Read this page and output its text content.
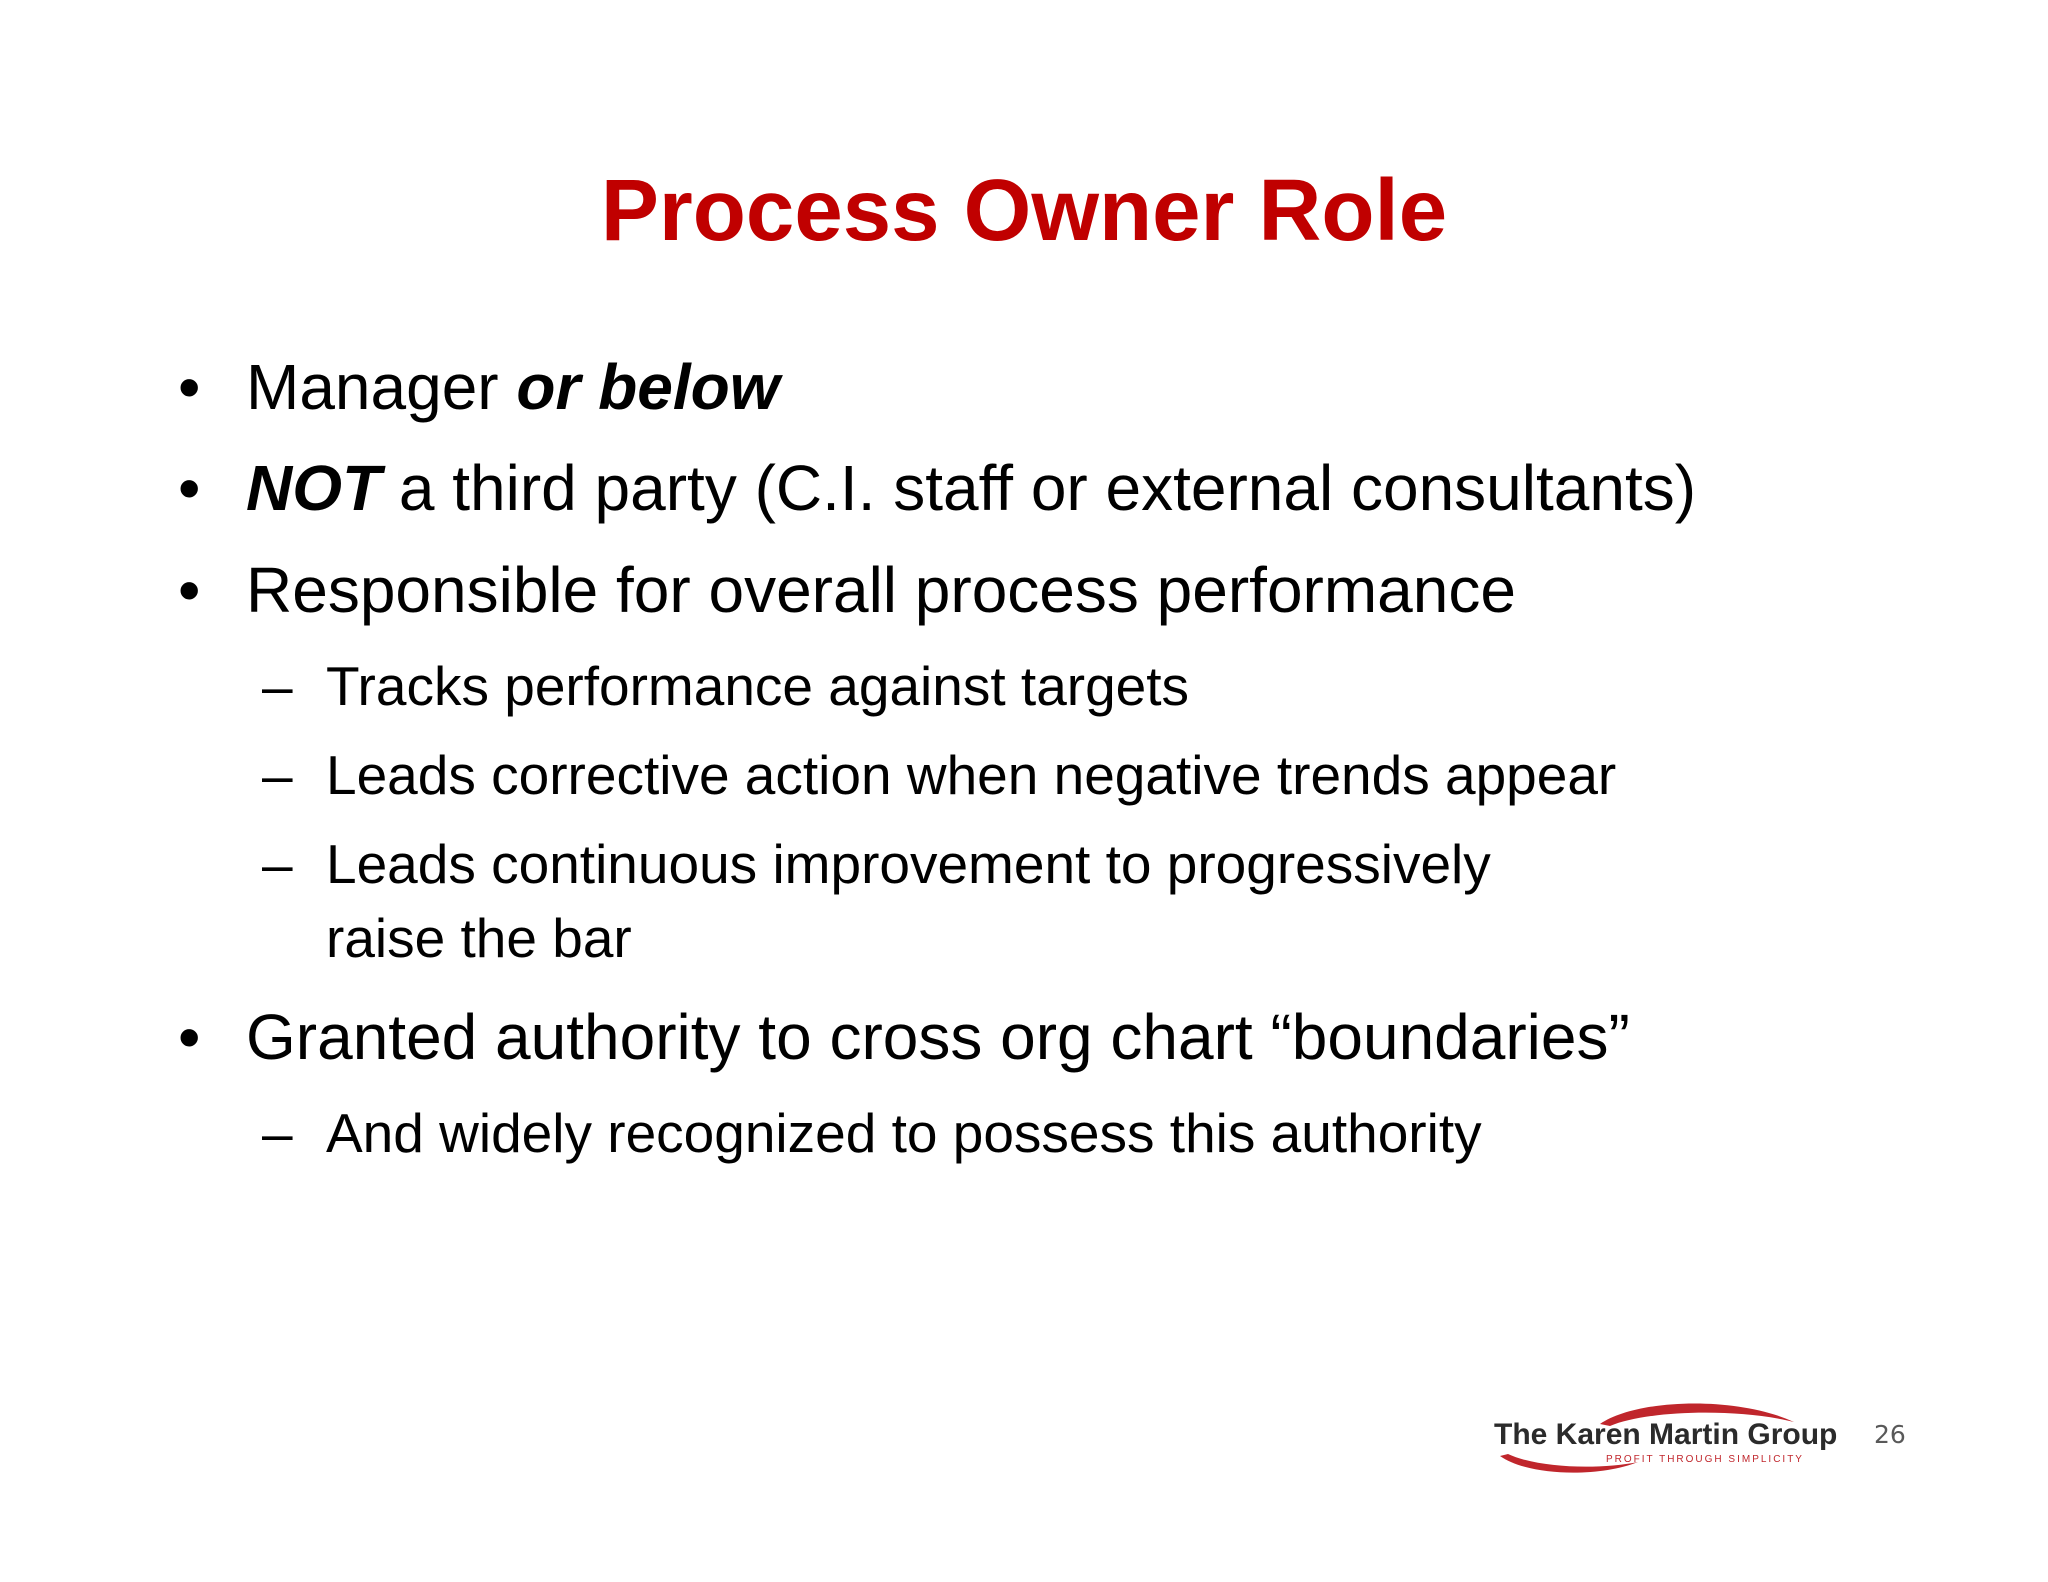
Process Owner Role
• Manager or below
• NOT a third party (C.I. staff or external consultants)
• Responsible for overall process performance
– Tracks performance against targets
– Leads corrective action when negative trends appear
– Leads continuous improvement to progressively
raise the bar
• Granted authority to cross org chart “boundaries”
– And widely recognized to possess this authority
The Karen Martin Group
PROFIT THROUGH SIMPLICITY
26
